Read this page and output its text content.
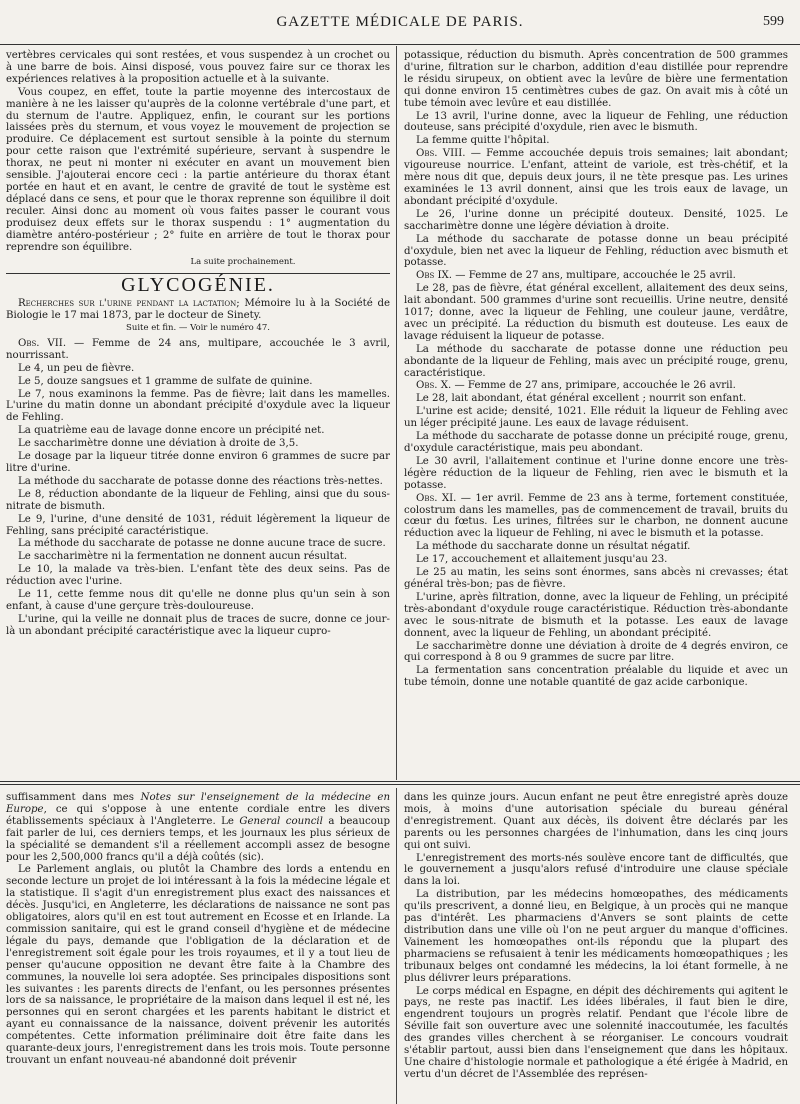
GAZETTE MÉDICALE DE PARIS.	599

vertèbres cervicales qui sont restées, et vous suspendez à un crochet ou à une barre de bois. Ainsi disposé, vous pouvez faire sur ce thorax les expériences relatives à la proposition actuelle et à la suivante.

Vous coupez, en effet, toute la partie moyenne des intercostaux de manière à ne les laisser qu'auprès de la colonne vertébrale d'une part, et du sternum de l'autre. Appliquez, enfin, le courant sur les portions laissées près du sternum, et vous voyez le mouvement de projection se produire. Ce déplacement est surtout sensible à la pointe du sternum pour cette raison que l'extrémité supérieure, servant à suspendre le thorax, ne peut ni monter ni exécuter en avant un mouvement bien sensible. J'ajouterai encore ceci : la partie antérieure du thorax étant portée en haut et en avant, le centre de gravité de tout le système est déplacé dans ce sens, et pour que le thorax reprenne son équilibre il doit reculer. Ainsi donc au moment où vous faites passer le courant vous produisez deux effets sur le thorax suspendu : 1° augmentation du diamètre antéro-postérieur ; 2° fuite en arrière de tout le thorax pour reprendre son équilibre.

La suite prochainement.
GLYCOGÉNIE.

Recherches sur l'urine pendant la lactation; Mémoire lu à la Société de Biologie le 17 mai 1873, par le docteur de Sinety.

Suite et fin. — Voir le numéro 47.

Obs. VII. — Femme de 24 ans, multipare, accouchée le 3 avril, nourrissant.

Le 4, un peu de fièvre.

Le 5, douze sangsues et 1 gramme de sulfate de quinine.

Le 7, nous examinons la femme. Pas de fièvre; lait dans les mamelles. L'urine du matin donne un abondant précipité d'oxydule avec la liqueur de Fehling.

La quatrième eau de lavage donne encore un précipité net.

Le saccharimètre donne une déviation à droite de 3,5.

Le dosage par la liqueur titrée donne environ 6 grammes de sucre par litre d'urine.

La méthode du saccharate de potasse donne des réactions très-nettes.

Le 8, réduction abondante de la liqueur de Fehling, ainsi que du sous-nitrate de bismuth.

Le 9, l'urine, d'une densité de 1031, réduit légèrement la liqueur de Fehling, sans précipité caractéristique.

La méthode du saccharate de potasse ne donne aucune trace de sucre.

Le saccharimètre ni la fermentation ne donnent aucun résultat.

Le 10, la malade va très-bien. L'enfant tète des deux seins. Pas de réduction avec l'urine.

Le 11, cette femme nous dit qu'elle ne donne plus qu'un sein à son enfant, à cause d'une gerçure très-douloureuse.

L'urine, qui la veille ne donnait plus de traces de sucre, donne ce jour-là un abondant précipité caractéristique avec la liqueur cupro-

potassique, réduction du bismuth. Après concentration de 500 grammes d'urine, filtration sur le charbon, addition d'eau distillée pour reprendre le résidu sirupeux, on obtient avec la levûre de bière une fermentation qui donne environ 15 centimètres cubes de gaz. On avait mis à côté un tube témoin avec levûre et eau distillée.

Le 13 avril, l'urine donne, avec la liqueur de Fehling, une réduction douteuse, sans précipité d'oxydule, rien avec le bismuth.

La femme quitte l'hôpital.

Obs. VIII. — Femme accouchée depuis trois semaines; lait abondant; vigoureuse nourrice. L'enfant, atteint de variole, est très-chétif, et la mère nous dit que, depuis deux jours, il ne tète presque pas. Les urines examinées le 13 avril donnent, ainsi que les trois eaux de lavage, un abondant précipité d'oxydule.

Le 26, l'urine donne un précipité douteux. Densité, 1025. Le saccharimètre donne une légère déviation à droite.

La méthode du saccharate de potasse donne un beau précipité d'oxydule, bien net avec la liqueur de Fehling, réduction avec bismuth et potasse.

Obs IX. — Femme de 27 ans, multipare, accouchée le 25 avril.

Le 28, pas de fièvre, état général excellent, allaitement des deux seins, lait abondant. 500 grammes d'urine sont recueillis. Urine neutre, densité 1017; donne, avec la liqueur de Fehling, une couleur jaune, verdâtre, avec un précipité. La réduction du bismuth est douteuse. Les eaux de lavage réduisent la liqueur de potasse.

La méthode du saccharate de potasse donne une réduction peu abondante de la liqueur de Fehling, mais avec un précipité rouge, grenu, caractéristique.

Obs. X. — Femme de 27 ans, primipare, accouchée le 26 avril.

Le 28, lait abondant, état général excellent ; nourrit son enfant.

L'urine est acide; densité, 1021. Elle réduit la liqueur de Fehling avec un léger précipité jaune. Les eaux de lavage réduisent.

La méthode du saccharate de potasse donne un précipité rouge, grenu, d'oxydule caractéristique, mais peu abondant.

Le 30 avril, l'allaitement continue et l'urine donne encore une très-légère réduction de la liqueur de Fehling, rien avec le bismuth et la potasse.

Obs. XI. — 1er avril. Femme de 23 ans à terme, fortement constituée, colostrum dans les mamelles, pas de commencement de travail, bruits du cœur du fœtus. Les urines, filtrées sur le charbon, ne donnent aucune réduction avec la liqueur de Fehling, ni avec le bismuth et la potasse.

La méthode du saccharate donne un résultat négatif.

Le 17, accouchement et allaitement jusqu'au 23.

Le 25 au matin, les seins sont énormes, sans abcès ni crevasses; état général très-bon; pas de fièvre.

L'urine, après filtration, donne, avec la liqueur de Fehling, un précipité très-abondant d'oxydule rouge caractéristique. Réduction très-abondante avec le sous-nitrate de bismuth et la potasse. Les eaux de lavage donnent, avec la liqueur de Fehling, un abondant précipité.

Le saccharimètre donne une déviation à droite de 4 degrés environ, ce qui correspond à 8 ou 9 grammes de sucre par litre.

La fermentation sans concentration préalable du liquide et avec un tube témoin, donne une notable quantité de gaz acide carbonique.

suffisamment dans mes Notes sur l'enseignement de la médecine en Europe, ce qui s'oppose à une entente cordiale entre les divers établissements spéciaux à l'Angleterre. Le General council a beaucoup fait parler de lui, ces derniers temps, et les journaux les plus sérieux de la spécialité se demandent s'il a réellement accompli assez de besogne pour les 2,500,000 francs qu'il a déjà coûtés (sic).

Le Parlement anglais, ou plutôt la Chambre des lords a entendu en seconde lecture un projet de loi intéressant à la fois la médecine légale et la statistique. Il s'agit d'un enregistrement plus exact des naissances et décès. Jusqu'ici, en Angleterre, les déclarations de naissance ne sont pas obligatoires, alors qu'il en est tout autrement en Ecosse et en Irlande. La commission sanitaire, qui est le grand conseil d'hygiène et de médecine légale du pays, demande que l'obligation de la déclaration et de l'enregistrement soit égale pour les trois royaumes, et il y a tout lieu de penser qu'aucune opposition ne devant être faite à la Chambre des communes, la nouvelle loi sera adoptée. Ses principales dispositions sont les suivantes : les parents directs de l'enfant, ou les personnes présentes lors de sa naissance, le propriétaire de la maison dans lequel il est né, les personnes qui en seront chargées et les parents habitant le district et ayant eu connaissance de la naissance, doivent prévenir les autorités compétentes. Cette information préliminaire doit être faite dans les quarante-deux jours, l'enregistrement dans les trois mois. Toute personne trouvant un enfant nouveau-né abandonné doit prévenir

dans les quinze jours. Aucun enfant ne peut être enregistré après douze mois, à moins d'une autorisation spéciale du bureau général d'enregistrement. Quant aux décès, ils doivent être déclarés par les parents ou les personnes chargées de l'inhumation, dans les cinq jours qui ont suivi.

L'enregistrement des morts-nés soulève encore tant de difficultés, que le gouvernement a jusqu'alors refusé d'introduire une clause spéciale dans la loi.

La distribution, par les médecins homœopathes, des médicaments qu'ils prescrivent, a donné lieu, en Belgique, à un procès qui ne manque pas d'intérêt. Les pharmaciens d'Anvers se sont plaints de cette distribution dans une ville où l'on ne peut arguer du manque d'officines. Vainement les homœopathes ont-ils répondu que la plupart des pharmaciens se refusaient à tenir les médicaments homœopathiques ; les tribunaux belges ont condamné les médecins, la loi étant formelle, à ne plus délivrer leurs préparations.

Le corps médical en Espagne, en dépit des déchirements qui agitent le pays, ne reste pas inactif. Les idées libérales, il faut bien le dire, engendrent toujours un progrès relatif. Pendant que l'école libre de Séville fait son ouverture avec une solennité inaccoutumée, les facultés des grandes villes cherchent à se réorganiser. Le concours voudrait s'établir partout, aussi bien dans l'enseignement que dans les hôpitaux. Une chaire d'histologie normale et pathologique a été érigée à Madrid, en vertu d'un décret de l'Assemblée des représen-
